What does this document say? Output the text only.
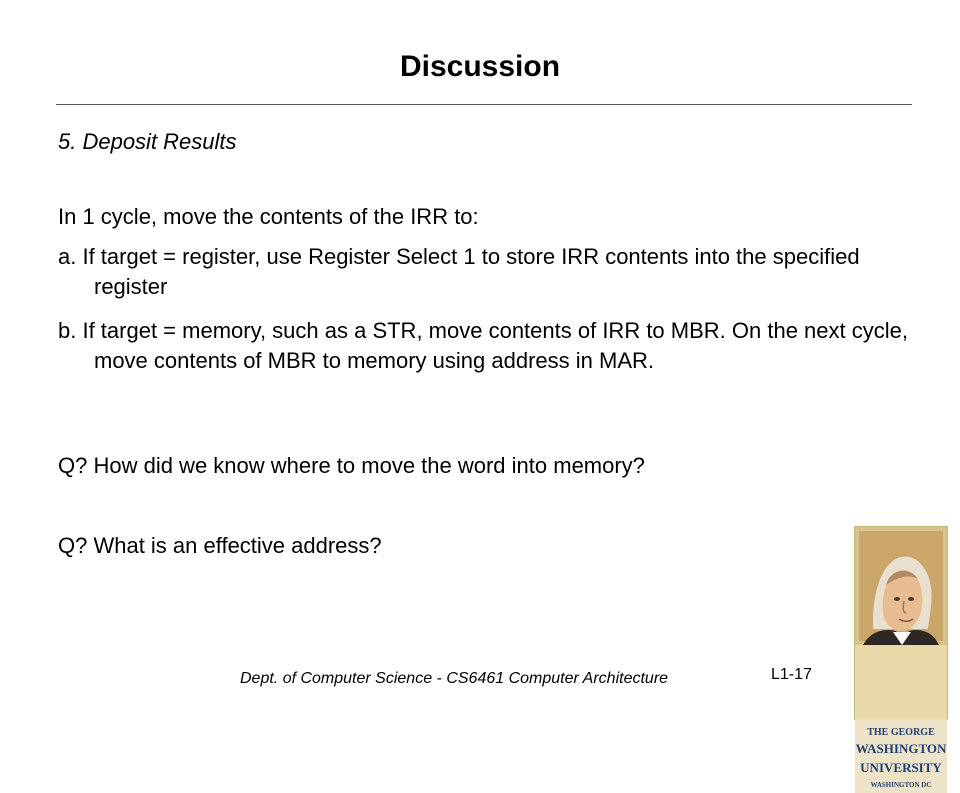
Discussion
5. Deposit Results
In 1 cycle, move the contents of the IRR to:
a. If target = register, use Register Select 1 to store IRR contents into the specified register
b. If target = memory, such as a STR, move contents of IRR to MBR. On the next cycle, move contents of MBR to memory using address in MAR.
Q? How did we know where to move the word into memory?
Q? What is an effective address?
Dept. of Computer Science - CS6461 Computer Architecture	L1-17
THE GEORGE
WASHINGTON
UNIVERSITY
WASHINGTON DC
